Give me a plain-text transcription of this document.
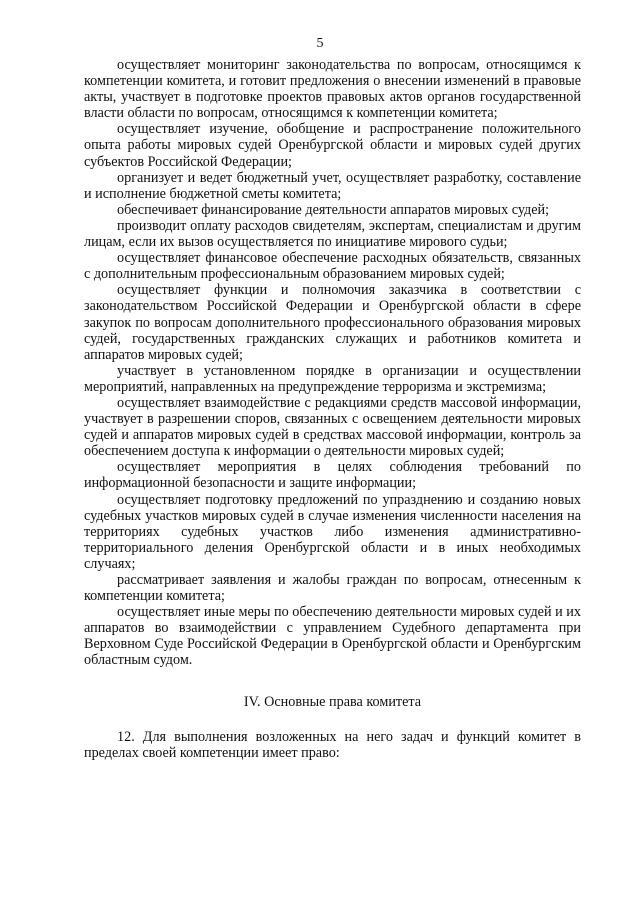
5

осуществляет мониторинг законодательства по вопросам, относящимся к компетенции комитета, и готовит предложения о внесении изменений в правовые акты, участвует в подготовке проектов правовых актов органов государственной власти области по вопросам, относящимся к компетенции комитета;

осуществляет изучение, обобщение и распространение положительного опыта работы мировых судей Оренбургской области и мировых судей других субъектов Российской Федерации;

организует и ведет бюджетный учет, осуществляет разработку, составление и исполнение бюджетной сметы комитета;

обеспечивает финансирование деятельности аппаратов мировых судей;

производит оплату расходов свидетелям, экспертам, специалистам и другим лицам, если их вызов осуществляется по инициативе мирового судьи;

осуществляет финансовое обеспечение расходных обязательств, связанных с дополнительным профессиональным образованием мировых судей;

осуществляет функции и полномочия заказчика в соответствии с законодательством Российской Федерации и Оренбургской области в сфере закупок по вопросам дополнительного профессионального образования мировых судей, государственных гражданских служащих и работников комитета и аппаратов мировых судей;

участвует в установленном порядке в организации и осуществлении мероприятий, направленных на предупреждение терроризма и экстремизма;

осуществляет взаимодействие с редакциями средств массовой информации, участвует в разрешении споров, связанных с освещением деятельности мировых судей и аппаратов мировых судей в средствах массовой информации, контроль за обеспечением доступа к информации о деятельности мировых судей;

осуществляет мероприятия в целях соблюдения требований по информационной безопасности и защите информации;

осуществляет подготовку предложений по упразднению и созданию новых судебных участков мировых судей в случае изменения численности населения на территориях судебных участков либо изменения административно-территориального деления Оренбургской области и в иных необходимых случаях;

рассматривает заявления и жалобы граждан по вопросам, отнесенным к компетенции комитета;

осуществляет иные меры по обеспечению деятельности мировых судей и их аппаратов во взаимодействии с управлением Судебного департамента при Верховном Суде Российской Федерации в Оренбургской области и Оренбургским областным судом.

IV. Основные права комитета

12. Для выполнения возложенных на него задач и функций комитет в пределах своей компетенции имеет право:
